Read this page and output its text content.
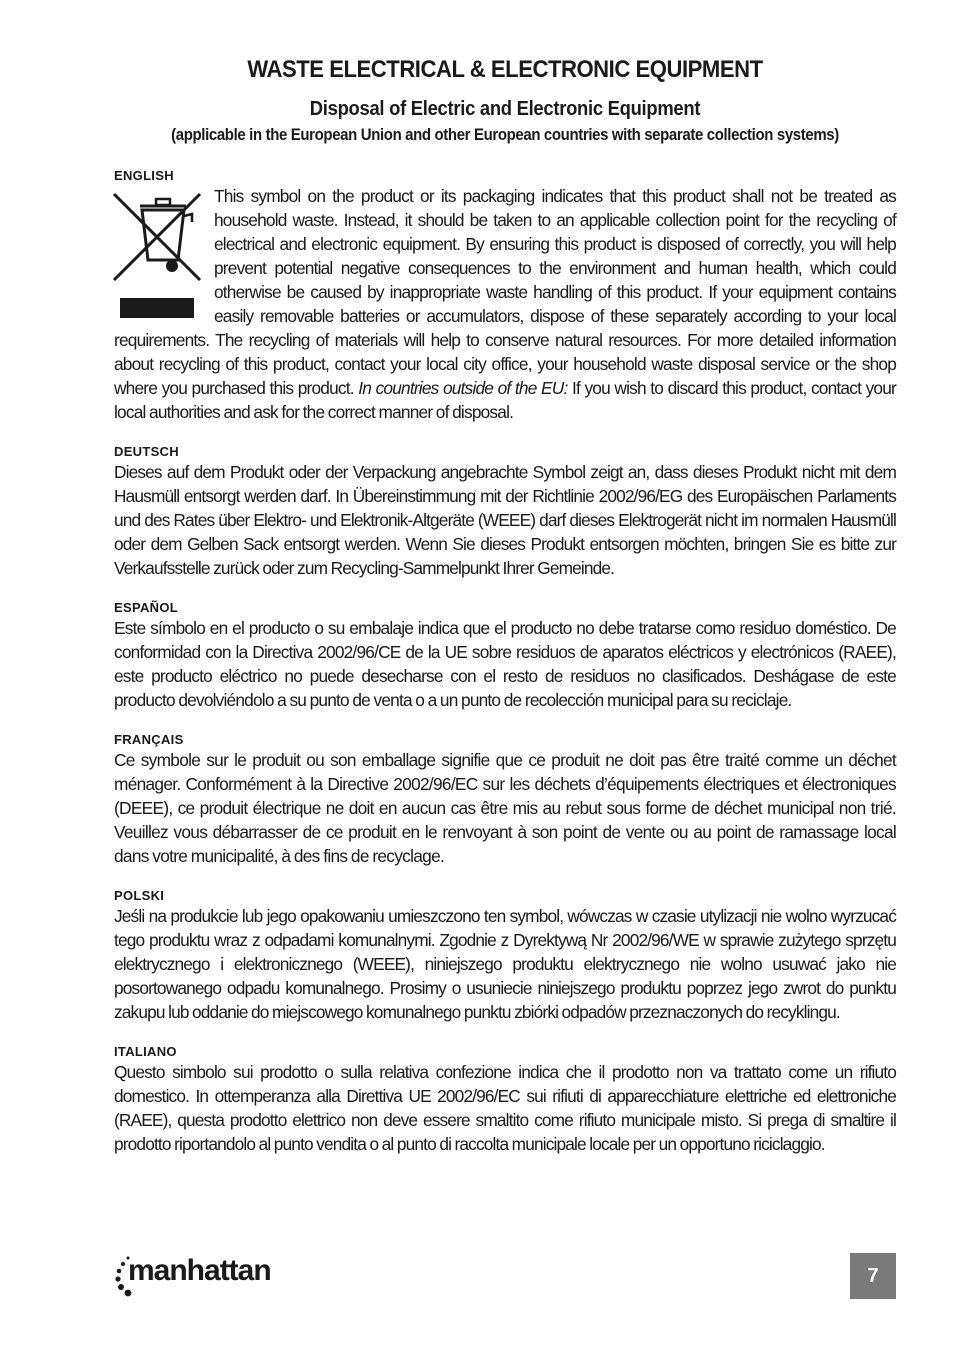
WASTE ELECTRICAL & ELECTRONIC EQUIPMENT
Disposal of Electric and Electronic Equipment
(applicable in the European Union and other European countries with separate collection systems)
ENGLISH
This symbol on the product or its packaging indicates that this product shall not be treated as household waste. Instead, it should be taken to an applicable collection point for the recycling of electrical and electronic equipment. By ensuring this product is disposed of correctly, you will help prevent potential negative consequences to the environment and human health, which could otherwise be caused by inappropriate waste handling of this product. If your equipment contains easily removable batteries or accumulators, dispose of these separately according to your local requirements. The recycling of materials will help to conserve natural resources. For more detailed information about recycling of this product, contact your local city office, your household waste disposal service or the shop where you purchased this product. In countries outside of the EU: If you wish to discard this product, contact your local authorities and ask for the correct manner of disposal.
DEUTSCH
Dieses auf dem Produkt oder der Verpackung angebrachte Symbol zeigt an, dass dieses Produkt nicht mit dem Hausmüll entsorgt werden darf. In Übereinstimmung mit der Richtlinie 2002/96/EG des Europäischen Parlaments und des Rates über Elektro- und Elektronik-Altgeräte (WEEE) darf dieses Elektrogerät nicht im normalen Hausmüll oder dem Gelben Sack entsorgt werden. Wenn Sie dieses Produkt entsorgen möchten, bringen Sie es bitte zur Verkaufsstelle zurück oder zum Recycling-Sammelpunkt Ihrer Gemeinde.
ESPAÑOL
Este símbolo en el producto o su embalaje indica que el producto no debe tratarse como residuo doméstico. De conformidad con la Directiva 2002/96/CE de la UE sobre residuos de aparatos eléctricos y electrónicos (RAEE), este producto eléctrico no puede desecharse con el resto de residuos no clasificados. Deshágase de este producto devolviéndolo a su punto de venta o a un punto de recolección municipal para su reciclaje.
FRANÇAIS
Ce symbole sur le produit ou son emballage signifie que ce produit ne doit pas être traité comme un déchet ménager. Conformément à la Directive 2002/96/EC sur les déchets d’équipements électriques et électroniques (DEEE), ce produit électrique ne doit en aucun cas être mis au rebut sous forme de déchet municipal non trié. Veuillez vous débarrasser de ce produit en le renvoyant à son point de vente ou au point de ramassage local dans votre municipalité, à des fins de recyclage.
POLSKI
Jeśli na produkcie lub jego opakowaniu umieszczono ten symbol, wówczas w czasie utylizacji nie wolno wyrzucać tego produktu wraz z odpadami komunalnymi. Zgodnie z Dyrektywą Nr 2002/96/WE w sprawie zużytego sprzętu elektrycznego i elektronicznego (WEEE), niniejszego produktu elektrycznego nie wolno usuwać jako nie posortowanego odpadu komunalnego. Prosimy o usuniecie niniejszego produktu poprzez jego zwrot do punktu zakupu lub oddanie do miejscowego komunalnego punktu zbiórki odpadów przeznaczonych do recyklingu.
ITALIANO
Questo simbolo sui prodotto o sulla relativa confezione indica che il prodotto non va trattato come un rifiuto domestico. In ottemperanza alla Direttiva UE 2002/96/EC sui rifiuti di apparecchiature elettriche ed elettroniche (RAEE), questa prodotto elettrico non deve essere smaltito come rifiuto municipale misto. Si prega di smaltire il prodotto riportandolo al punto vendita o al punto di raccolta municipale locale per un opportuno riciclaggio.
manhattan	7
